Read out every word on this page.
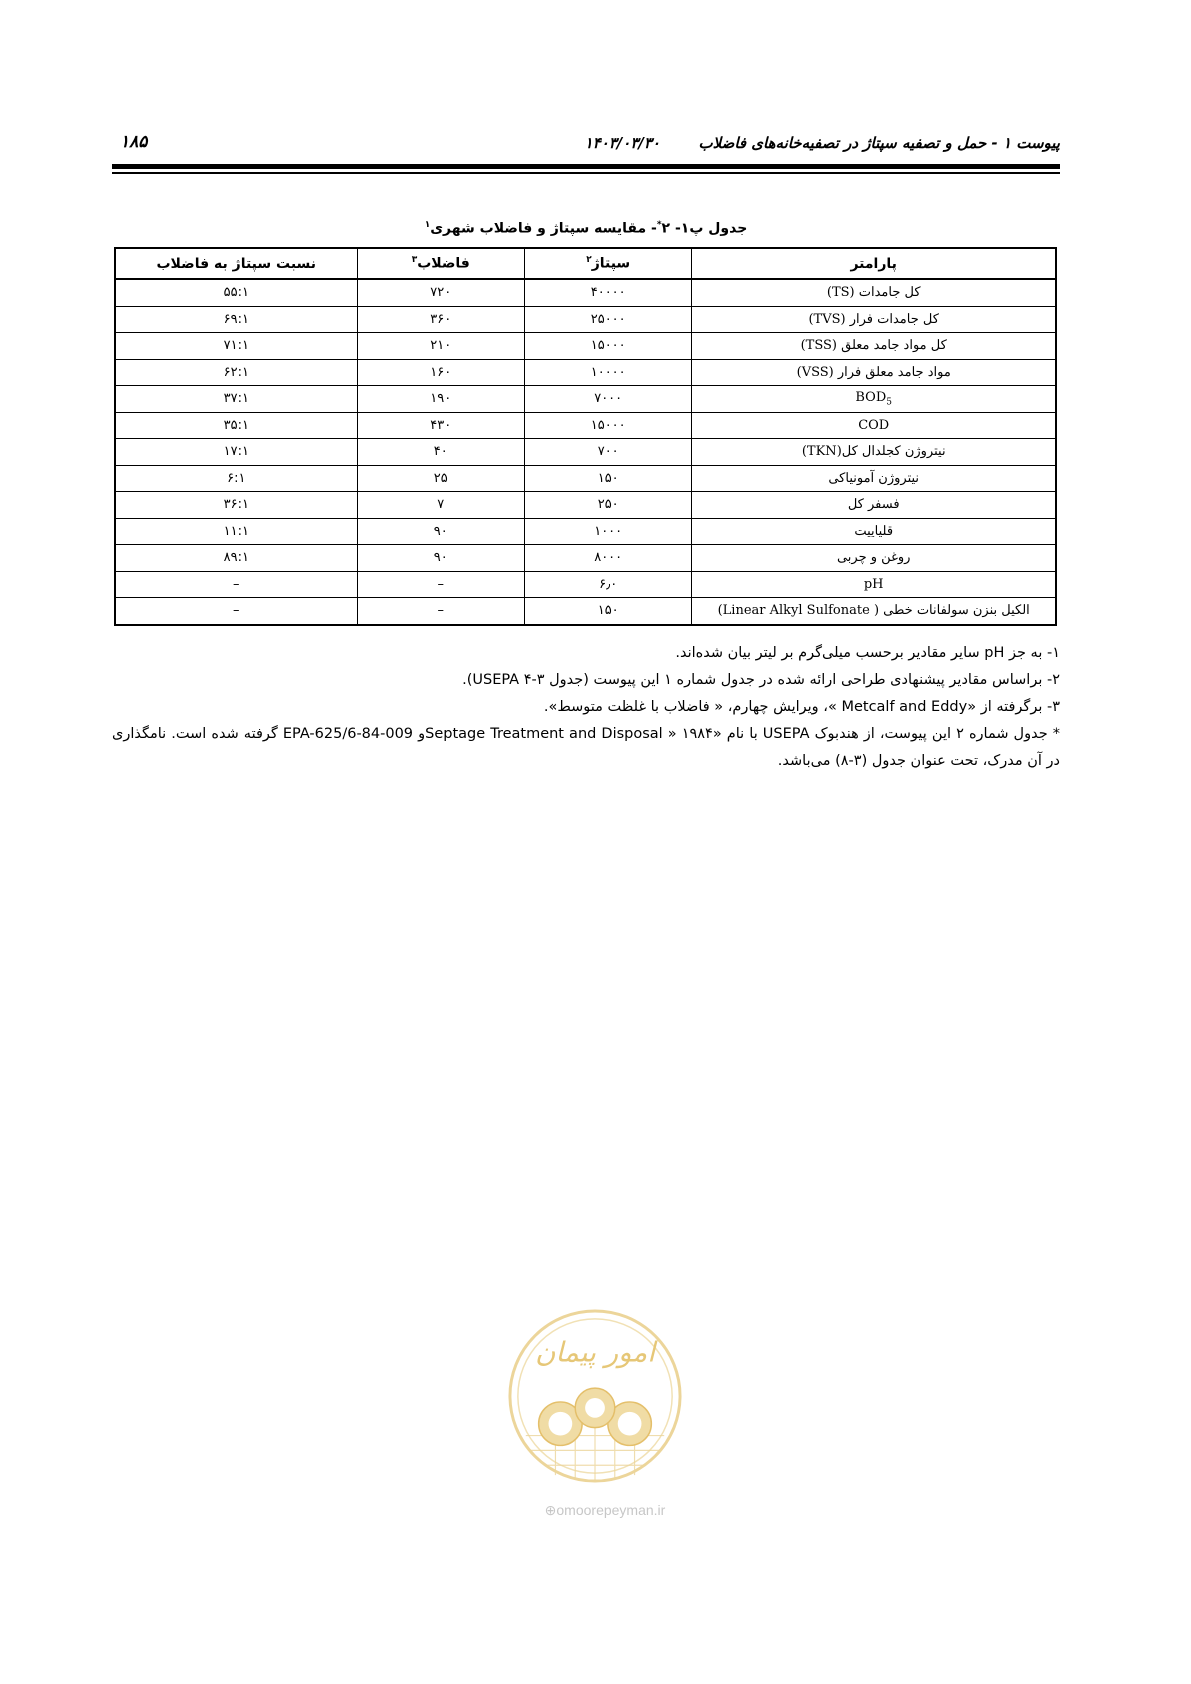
پیوست ۱ - حمل و تصفیه سپتاژ در تصفیه‌خانه‌های فاضلاب
۱۴۰۳/۰۳/۳۰
۱۸۵
جدول پ۱- ۲*- مقایسه سپتاژ و فاضلاب شهری$^۱$
پارامتر	سپتاژ$^۲$	فاضلاب$^۳$	نسبت سپتاژ به فاضلاب
کل جامدات (TS)	۴۰۰۰۰	۷۲۰	۵۵:۱
کل جامدات فرار (TVS)	۲۵۰۰۰	۳۶۰	۶۹:۱
کل مواد جامد معلق (TSS)	۱۵۰۰۰	۲۱۰	۷۱:۱
مواد جامد معلق فرار (VSS)	۱۰۰۰۰	۱۶۰	۶۲:۱
$BOD_5$	۷۰۰۰	۱۹۰	۳۷:۱
COD	۱۵۰۰۰	۴۳۰	۳۵:۱
نیتروژن کجلدال کل(TKN)	۷۰۰	۴۰	۱۷:۱
نیتروژن آمونیاکی	۱۵۰	۲۵	۶:۱
فسفر کل	۲۵۰	۷	۳۶:۱
قلیاییت	۱۰۰۰	۹۰	۱۱:۱
روغن و چربی	۸۰۰۰	۹۰	۸۹:۱
pH	۶٫۰	–	–
الکیل بنزن سولفانات خطی ( Linear Alkyl Sulfonate)	۱۵۰	–	–

۱- به جز pH سایر مقادیر برحسب میلی‌گرم بر لیتر بیان شده‌اند.

۲- براساس مقادیر پیشنهادی طراحی ارائه شده در جدول شماره ۱ این پیوست (جدول ۳-۴ USEPA).

۳- برگرفته از «Metcalf and Eddy »، ویرایش چهارم، « فاضلاب با غلظت متوسط».

* جدول شماره ۲ این پیوست، از هندبوک USEPA با نام «Septage Treatment and Disposal » ۱۹۸۴و EPA-625/6-84-009 گرفته شده است. نامگذاری در آن مدرک، تحت عنوان جدول (۳-۸) می‌باشد.

امور پیمان
⊕omoorepeyman.ir
